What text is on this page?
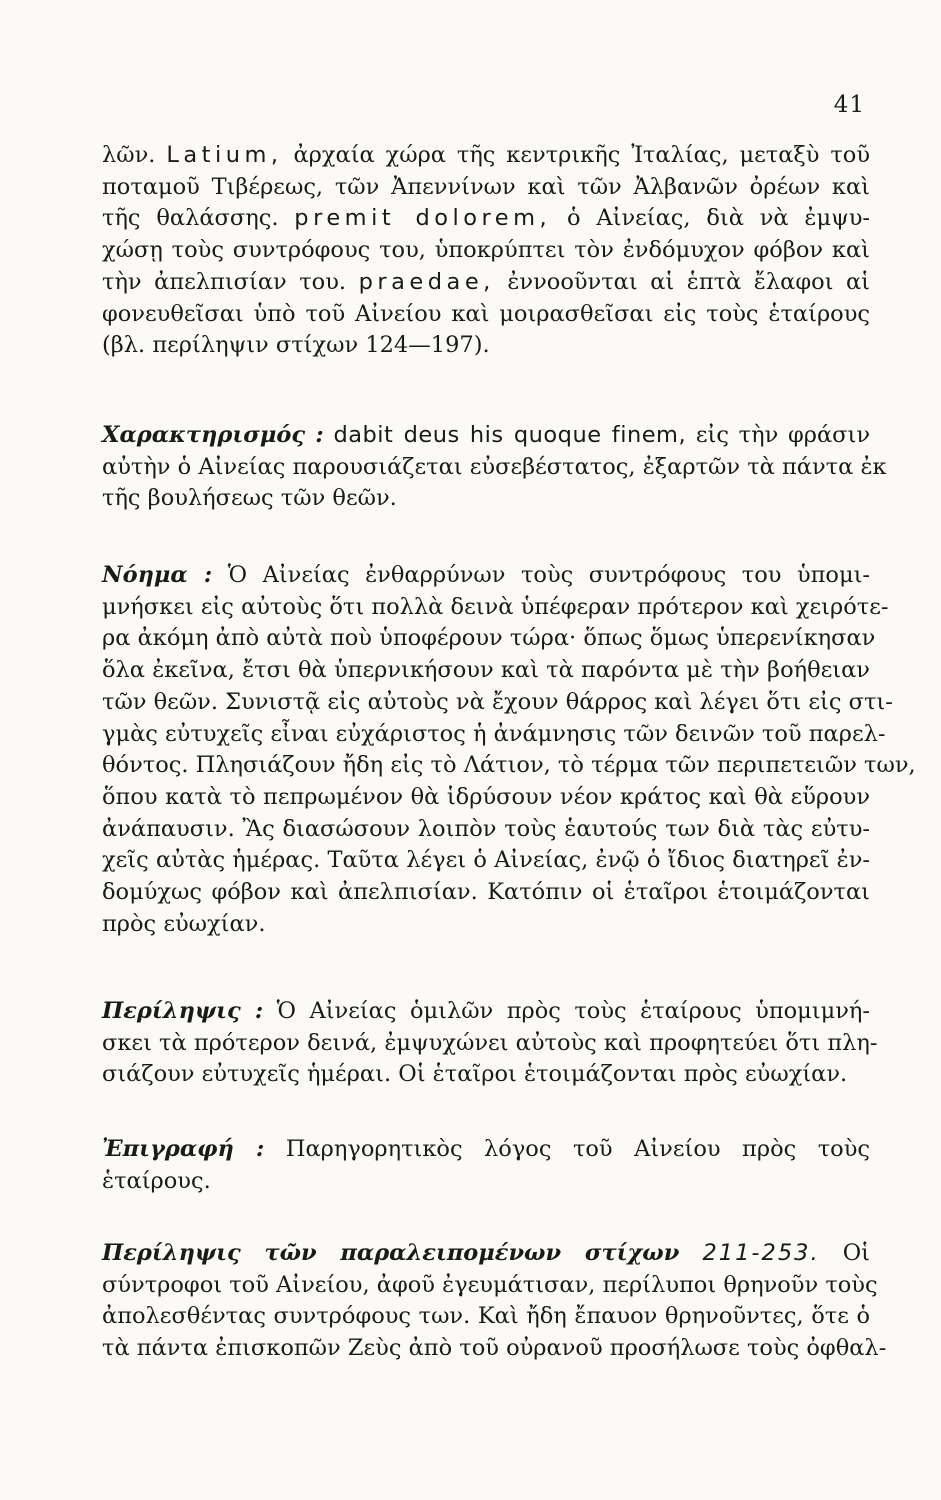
41
λῶν. Latium, ἀρχαία χώρα τῆς κεντρικῆς Ἰταλίας, μεταξὺ τοῦ
ποταμοῦ Τιβέρεως, τῶν Ἀπεννίνων καὶ τῶν Ἀλβανῶν ὀρέων καὶ
τῆς θαλάσσης. premit dolorem, ὁ Αἰνείας, διὰ νὰ ἐμψυ-
χώσῃ τοὺς συντρόφους του, ὑποκρύπτει τὸν ἐνδόμυχον φόβον καὶ
τὴν ἀπελπισίαν του. praedae, ἐννοοῦνται αἱ ἑπτὰ ἔλαφοι αἱ
φονευθεῖσαι ὑπὸ τοῦ Αἰνείου καὶ μοιρασθεῖσαι εἰς τοὺς ἑταίρους
(βλ. περίληψιν στίχων 124—197).
Χαρακτηρισμός : dabit deus his quoque finem, εἰς τὴν φράσιν
αὐτὴν ὁ Αἰνείας παρουσιάζεται εὐσεβέστατος, ἐξαρτῶν τὰ πάντα ἐκ
τῆς βουλήσεως τῶν θεῶν.
Νόημα : Ὁ Αἰνείας ἐνθαρρύνων τοὺς συντρόφους του ὑπομι-
μνήσκει εἰς αὐτοὺς ὅτι πολλὰ δεινὰ ὑπέφεραν πρότερον καὶ χειρότε-
ρα ἀκόμη ἀπὸ αὐτὰ ποὺ ὑποφέρουν τώρα· ὅπως ὅμως ὑπερενίκησαν
ὅλα ἐκεῖνα, ἔτσι θὰ ὑπερνικήσουν καὶ τὰ παρόντα μὲ τὴν βοήθειαν
τῶν θεῶν. Συνιστᾷ εἰς αὐτοὺς νὰ ἔχουν θάρρος καὶ λέγει ὅτι εἰς στι-
γμὰς εὐτυχεῖς εἶναι εὐχάριστος ἡ ἀνάμνησις τῶν δεινῶν τοῦ παρελ-
θόντος. Πλησιάζουν ἤδη εἰς τὸ Λάτιον, τὸ τέρμα τῶν περιπετειῶν των,
ὅπου κατὰ τὸ πεπρωμένον θὰ ἱδρύσουν νέον κράτος καὶ θὰ εὕρουν
ἀνάπαυσιν. Ἂς διασώσουν λοιπὸν τοὺς ἑαυτούς των διὰ τὰς εὐτυ-
χεῖς αὐτὰς ἡμέρας. Ταῦτα λέγει ὁ Αἰνείας, ἐνῷ ὁ ἴδιος διατηρεῖ ἐν-
δομύχως φόβον καὶ ἀπελπισίαν. Κατόπιν οἱ ἑταῖροι ἑτοιμάζονται
πρὸς εὐωχίαν.
Περίληψις : Ὁ Αἰνείας ὁμιλῶν πρὸς τοὺς ἑταίρους ὑπομιμνή-
σκει τὰ πρότερον δεινά, ἐμψυχώνει αὐτοὺς καὶ προφητεύει ὅτι πλη-
σιάζουν εὐτυχεῖς ἡμέραι. Οἱ ἑταῖροι ἑτοιμάζονται πρὸς εὐωχίαν.
Ἐπιγραφή : Παρηγορητικὸς λόγος τοῦ Αἰνείου πρὸς τοὺς
ἑταίρους.
Περίληψις τῶν παραλειπομένων στίχων 211-253. Οἱ
σύντροφοι τοῦ Αἰνείου, ἀφοῦ ἐγευμάτισαν, περίλυποι θρηνοῦν τοὺς
ἀπολεσθέντας συντρόφους των. Καὶ ἤδη ἔπαυον θρηνοῦντες, ὅτε ὁ
τὰ πάντα ἐπισκοπῶν Ζεὺς ἀπὸ τοῦ οὐρανοῦ προσήλωσε τοὺς ὀφθαλ-
